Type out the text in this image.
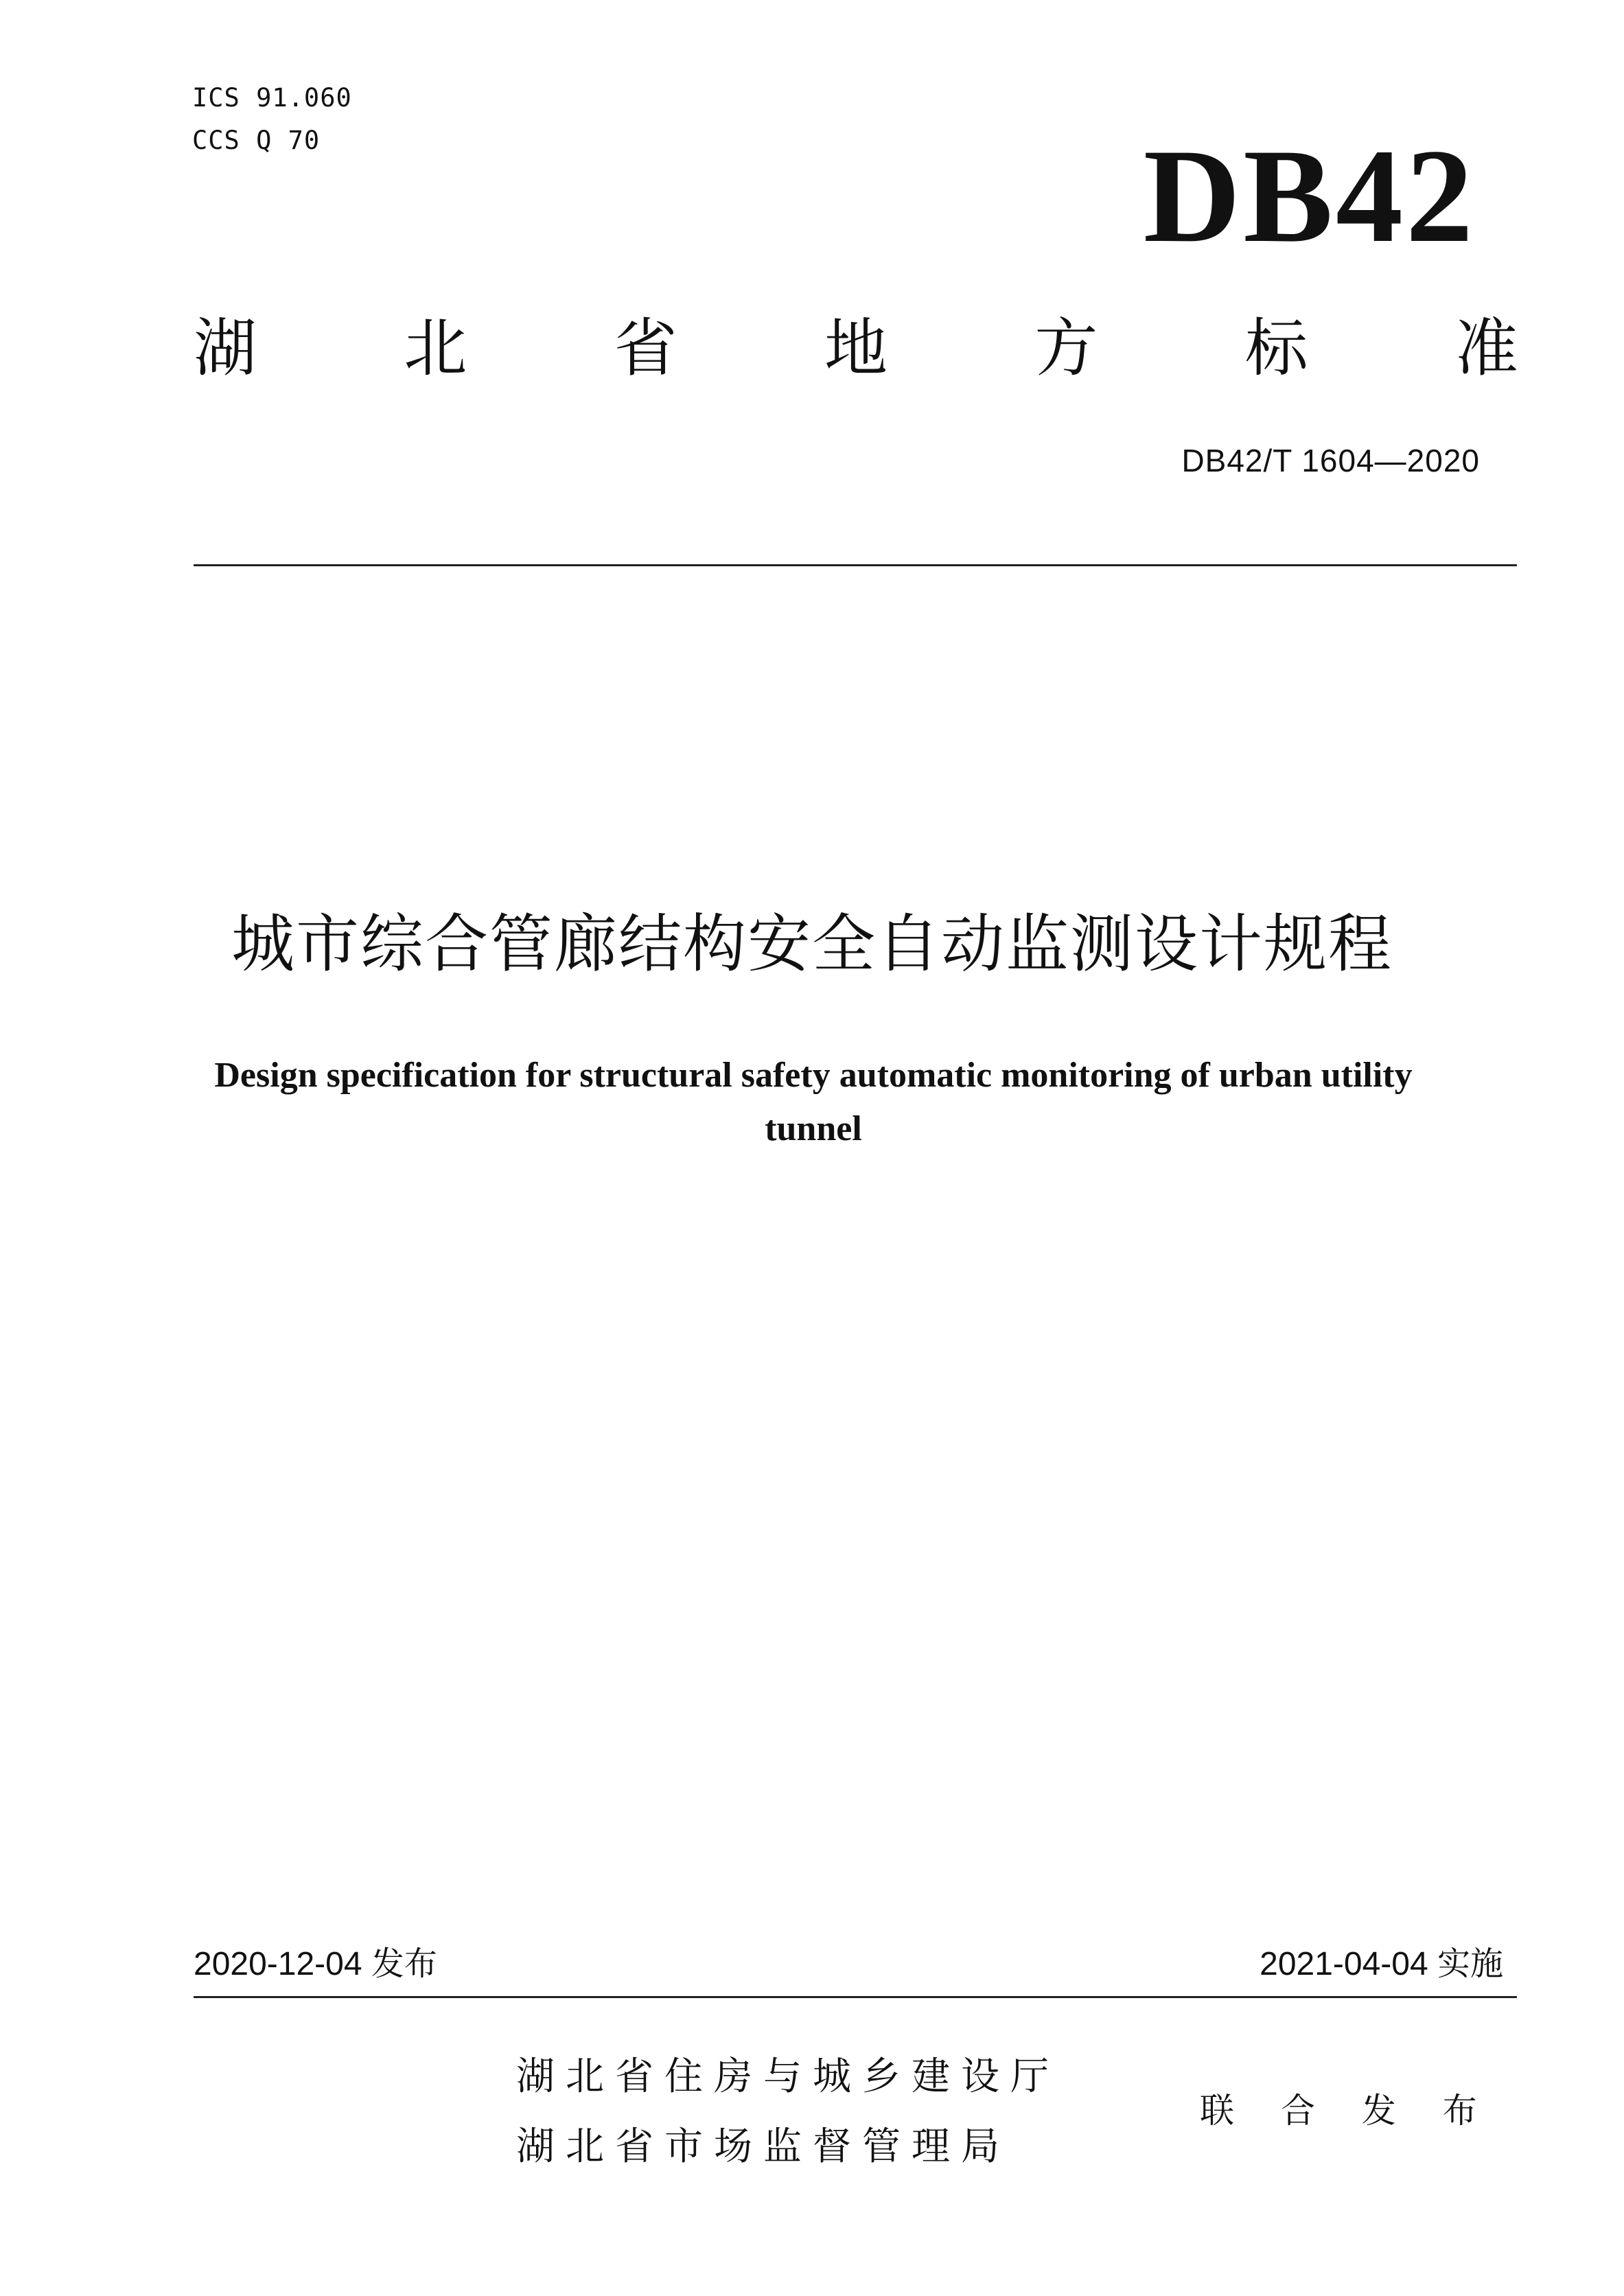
ICS 91.060
CCS Q 70	DB42
湖 北 省 地 方 标 准
DB42/T 1604—2020
城市综合管廊结构安全自动监测设计规程
Design specification for structural safety automatic monitoring of urban utility tunnel
2020-12-04 发布	2021-04-04 实施
湖北省住房与城乡建设厅
湖北省市场监督管理局
联 合 发 布
